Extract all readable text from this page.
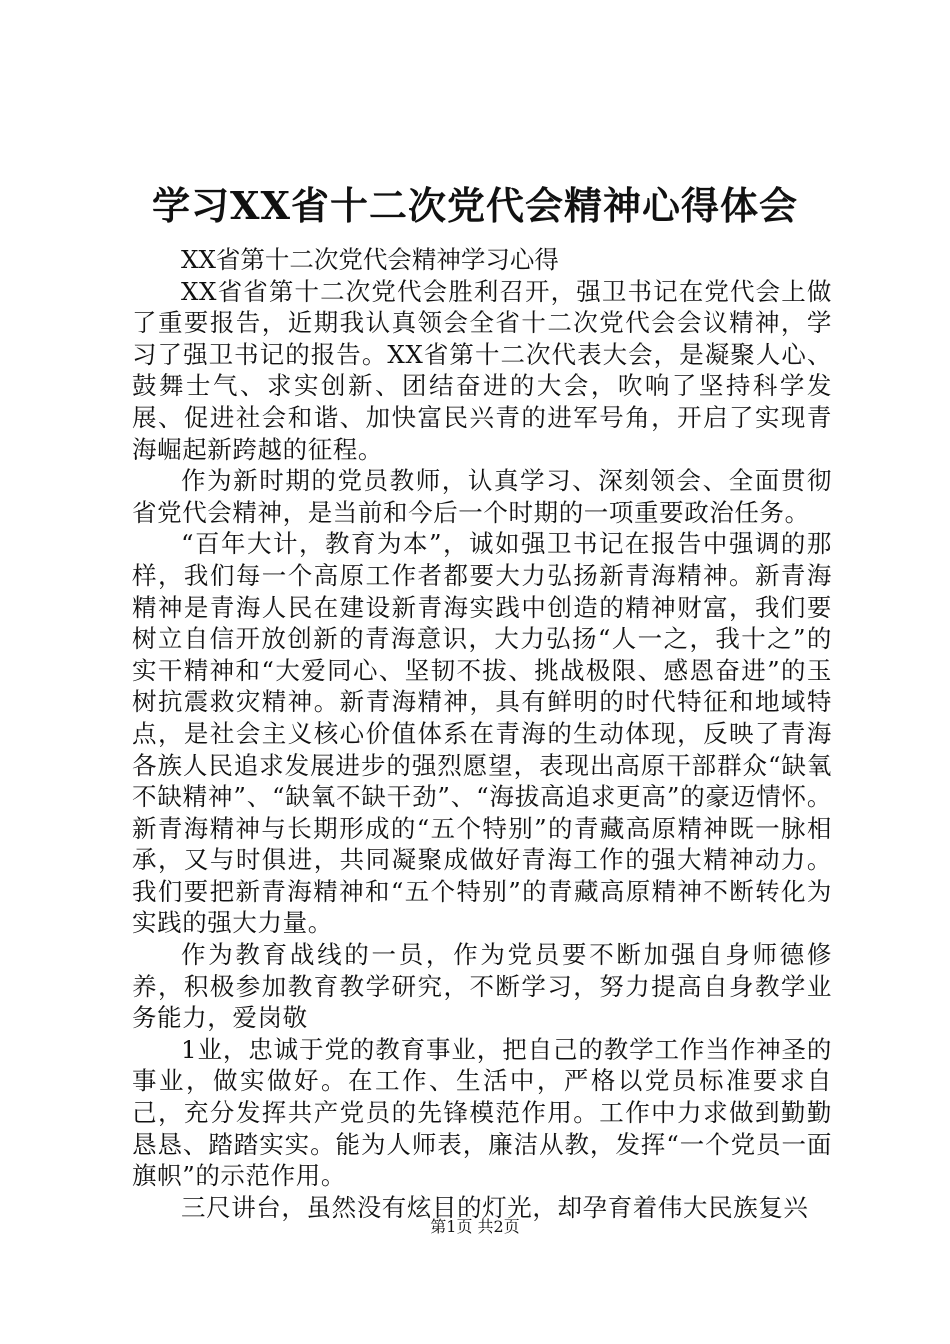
学习XX省十二次党代会精神心得体会

XX省第十二次党代会精神学习心得

XX省省第十二次党代会胜利召开，强卫书记在党代会上做了重要报告，近期我认真领会全省十二次党代会会议精神，学习了强卫书记的报告。XX省第十二次代表大会，是凝聚人心、鼓舞士气、求实创新、团结奋进的大会，吹响了坚持科学发展、促进社会和谐、加快富民兴青的进军号角，开启了实现青海崛起新跨越的征程。

作为新时期的党员教师，认真学习、深刻领会、全面贯彻省党代会精神，是当前和今后一个时期的一项重要政治任务。

“百年大计，教育为本”，诚如强卫书记在报告中强调的那样，我们每一个高原工作者都要大力弘扬新青海精神。新青海精神是青海人民在建设新青海实践中创造的精神财富，我们要树立自信开放创新的青海意识，大力弘扬“人一之，我十之”的实干精神和“大爱同心、坚韧不拔、挑战极限、感恩奋进”的玉树抗震救灾精神。新青海精神，具有鲜明的时代特征和地域特点，是社会主义核心价值体系在青海的生动体现，反映了青海各族人民追求发展进步的强烈愿望，表现出高原干部群众“缺氧不缺精神”、“缺氧不缺干劲”、“海拔高追求更高”的豪迈情怀。新青海精神与长期形成的“五个特别”的青藏高原精神既一脉相承，又与时俱进，共同凝聚成做好青海工作的强大精神动力。我们要把新青海精神和“五个特别”的青藏高原精神不断转化为实践的强大力量。

作为教育战线的一员，作为党员要不断加强自身师德修养，积极参加教育教学研究，不断学习，努力提高自身教学业务能力，爱岗敬

1业，忠诚于党的教育事业，把自己的教学工作当作神圣的事业，做实做好。在工作、生活中，严格以党员标准要求自己，充分发挥共产党员的先锋模范作用。工作中力求做到勤勤恳恳、踏踏实实。能为人师表，廉洁从教，发挥“一个党员一面旗帜”的示范作用。

三尺讲台，虽然没有炫目的灯光，却孕育着伟大民族复兴

第1页 共2页
